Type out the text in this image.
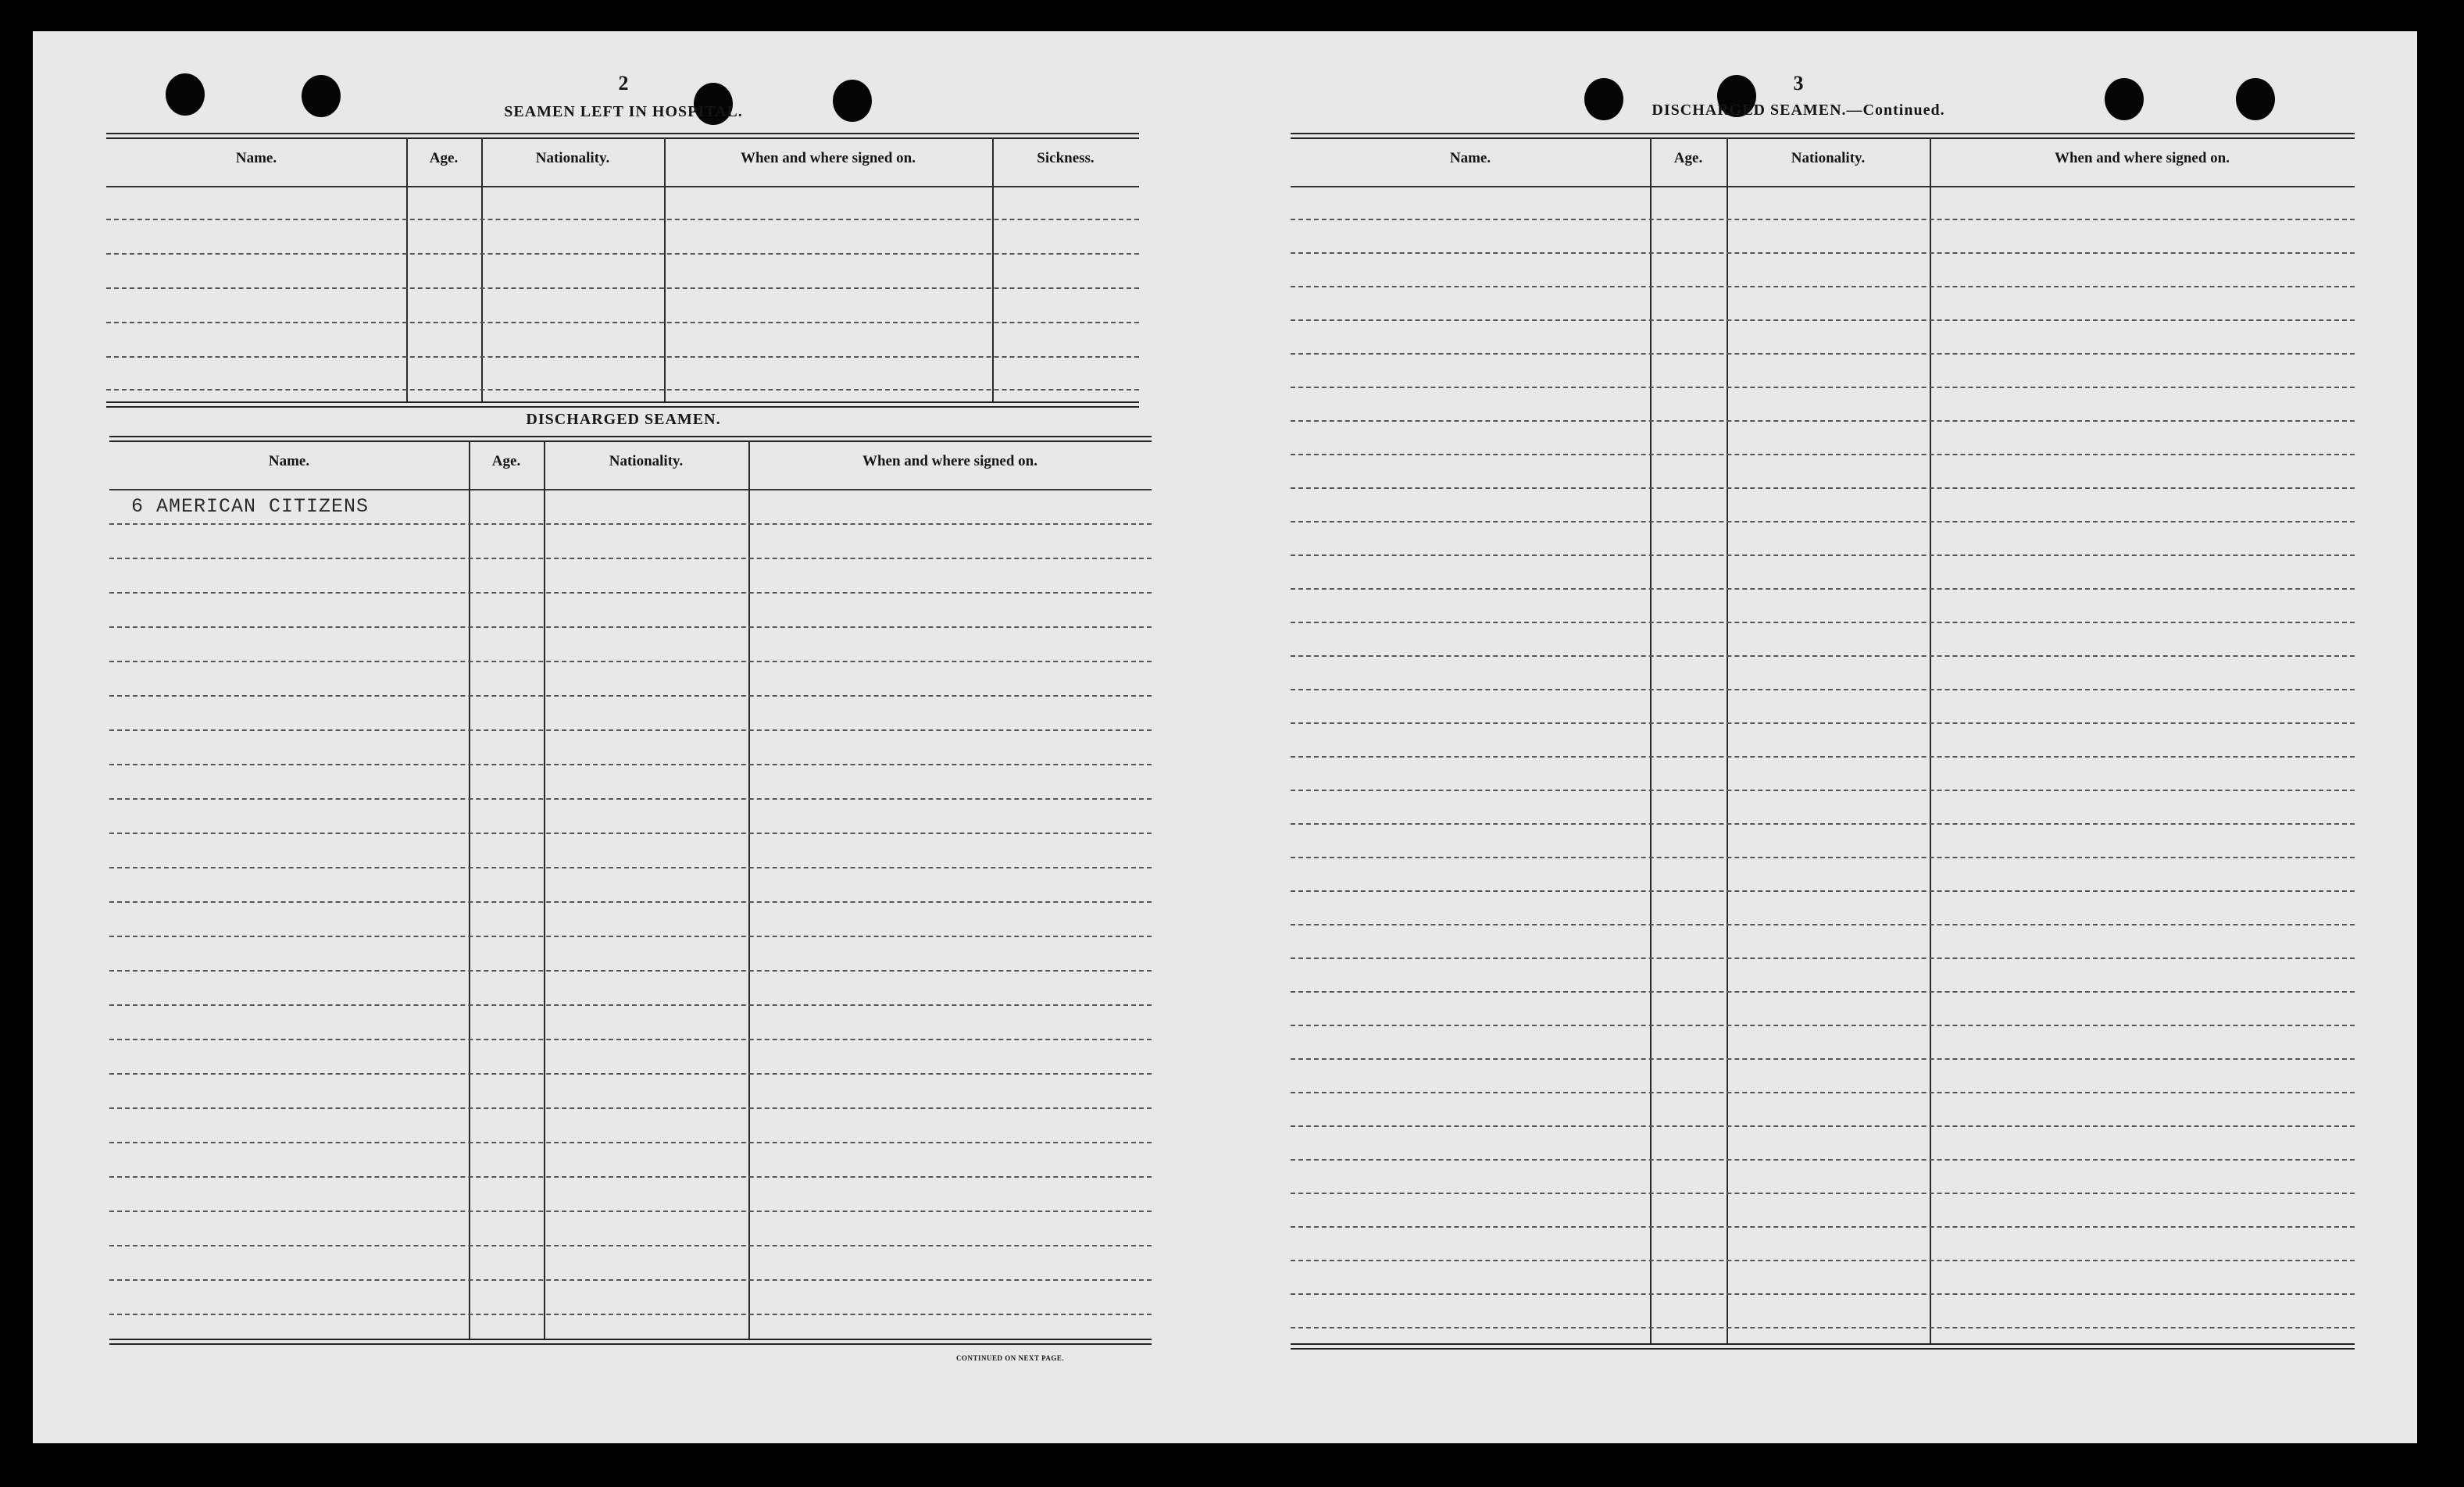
2
SEAMEN LEFT IN HOSPITAL.
Name.	Age.	Nationality.	When and where signed on.	Sickness.
DISCHARGED SEAMEN.
Name.	Age.	Nationality.	When and where signed on.
6 AMERICAN CITIZENS
CONTINUED ON NEXT PAGE.
3
DISCHARGED SEAMEN.—Continued.
Name.	Age.	Nationality.	When and where signed on.
